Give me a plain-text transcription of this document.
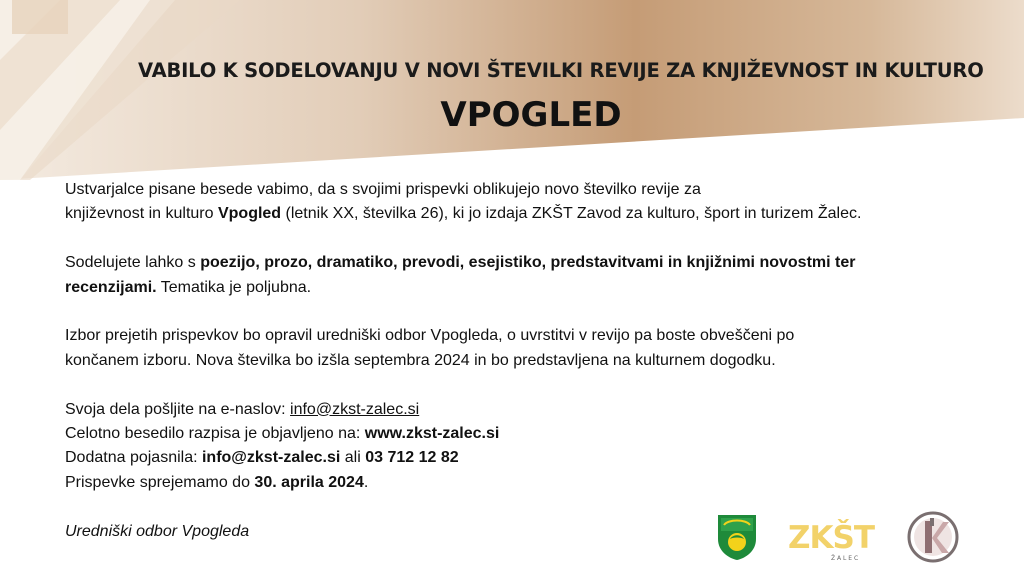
VABILO K SODELOVANJU V NOVI ŠTEVILKI REVIJE ZA KNJIŽEVNOST IN KULTURO
VPOGLED

Ustvarjalce pisane besede vabimo, da s svojimi prispevki oblikujejo novo številko revije za
književnost in kulturo Vpogled (letnik XX, številka 26), ki jo izdaja ZKŠT Zavod za kulturo, šport in turizem Žalec.

Sodelujete lahko s poezijo, prozo, dramatiko, prevodi, esejistiko, predstavitvami in knjižnimi novostmi ter
recenzijami. Tematika je poljubna.

Izbor prejetih prispevkov bo opravil uredniški odbor Vpogleda, o uvrstitvi v revijo pa boste obveščeni po
končanem izboru. Nova številka bo izšla septembra 2024 in bo predstavljena na kulturnem dogodku.

Svoja dela pošljite na e-naslov: info@zkst-zalec.si
Celotno besedilo razpisa je objavljeno na: www.zkst-zalec.si
Dodatna pojasnila: info@zkst-zalec.si ali 03 712 12 82
Prispevke sprejemamo do 30. aprila 2024.

Uredniški odbor Vpogleda	ZKŠT
Ž A L E C
